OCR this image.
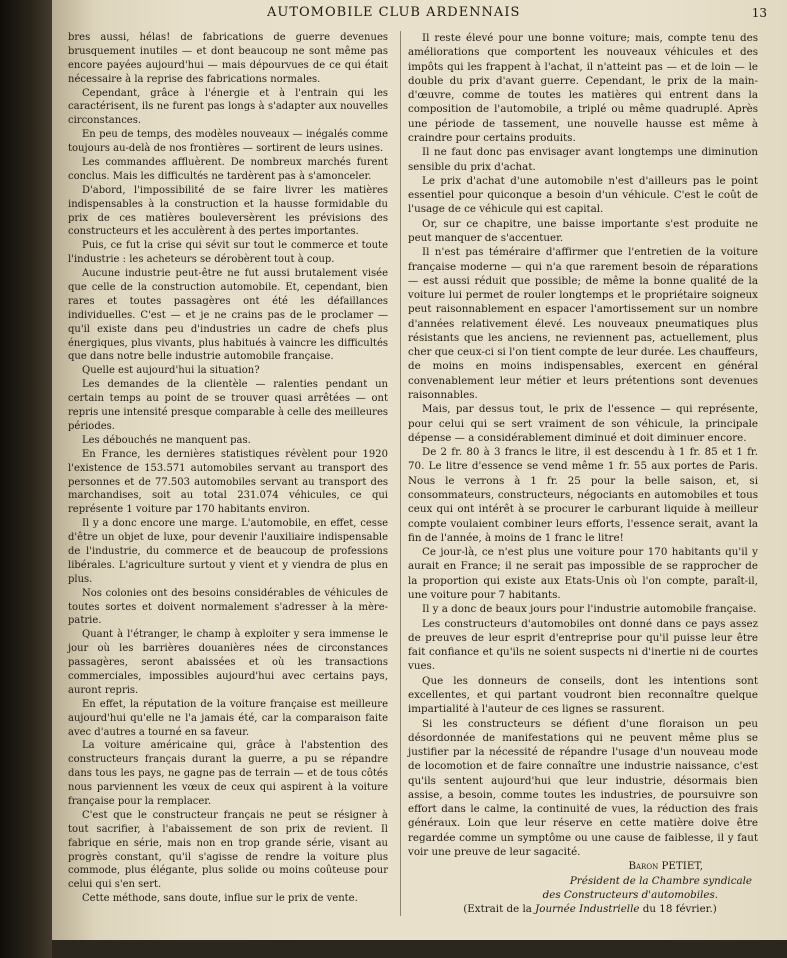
AUTOMOBILE CLUB ARDENNAIS	13

bres aussi, hélas! de fabrications de guerre devenues brusquement inutiles — et dont beaucoup ne sont même pas encore payées aujourd'hui — mais dépourvues de ce qui était nécessaire à la reprise des fabrications normales.

Cependant, grâce à l'énergie et à l'entrain qui les caractérisent, ils ne furent pas longs à s'adapter aux nouvelles circonstances.

En peu de temps, des modèles nouveaux — inégalés comme toujours au-delà de nos frontières — sortirent de leurs usines.

Les commandes affluèrent. De nombreux marchés furent conclus. Mais les difficultés ne tardèrent pas à s'amonceler.

D'abord, l'impossibilité de se faire livrer les matières indispensables à la construction et la hausse formidable du prix de ces matières bouleversèrent les prévisions des constructeurs et les acculèrent à des pertes importantes.

Puis, ce fut la crise qui sévit sur tout le commerce et toute l'industrie : les acheteurs se dérobèrent tout à coup.

Aucune industrie peut-être ne fut aussi brutalement visée que celle de la construction automobile. Et, cependant, bien rares et toutes passagères ont été les défaillances individuelles. C'est — et je ne crains pas de le proclamer — qu'il existe dans peu d'industries un cadre de chefs plus énergiques, plus vivants, plus habitués à vaincre les difficultés que dans notre belle industrie automobile française.

Quelle est aujourd'hui la situation?

Les demandes de la clientèle — ralenties pendant un certain temps au point de se trouver quasi arrêtées — ont repris une intensité presque comparable à celle des meilleures périodes.

Les débouchés ne manquent pas.

En France, les dernières statistiques révèlent pour 1920 l'existence de 153.571 automobiles servant au transport des personnes et de 77.503 automobiles servant au transport des marchandises, soit au total 231.074 véhicules, ce qui représente 1 voiture par 170 habitants environ.

Il y a donc encore une marge. L'automobile, en effet, cesse d'être un objet de luxe, pour devenir l'auxiliaire indispensable de l'industrie, du commerce et de beaucoup de professions libérales. L'agriculture surtout y vient et y viendra de plus en plus.

Nos colonies ont des besoins considérables de véhicules de toutes sortes et doivent normalement s'adresser à la mère-patrie.

Quant à l'étranger, le champ à exploiter y sera immense le jour où les barrières douanières nées de circonstances passagères, seront abaissées et où les transactions commerciales, impossibles aujourd'hui avec certains pays, auront repris.

En effet, la réputation de la voiture française est meilleure aujourd'hui qu'elle ne l'a jamais été, car la comparaison faite avec d'autres a tourné en sa faveur.

La voiture américaine qui, grâce à l'abstention des constructeurs français durant la guerre, a pu se répandre dans tous les pays, ne gagne pas de terrain — et de tous côtés nous parviennent les vœux de ceux qui aspirent à la voiture française pour la remplacer.

C'est que le constructeur français ne peut se résigner à tout sacrifier, à l'abaissement de son prix de revient. Il fabrique en série, mais non en trop grande série, visant au progrès constant, qu'il s'agisse de rendre la voiture plus commode, plus élégante, plus solide ou moins coûteuse pour celui qui s'en sert.

Cette méthode, sans doute, influe sur le prix de vente.

Il reste élevé pour une bonne voiture; mais, compte tenu des améliorations que comportent les nouveaux véhicules et des impôts qui les frappent à l'achat, il n'atteint pas — et de loin — le double du prix d'avant guerre. Cependant, le prix de la main-d'œuvre, comme de toutes les matières qui entrent dans la composition de l'automobile, a triplé ou même quadruplé. Après une période de tassement, une nouvelle hausse est même à craindre pour certains produits.

Il ne faut donc pas envisager avant longtemps une diminution sensible du prix d'achat.

Le prix d'achat d'une automobile n'est d'ailleurs pas le point essentiel pour quiconque a besoin d'un véhicule. C'est le coût de l'usage de ce véhicule qui est capital.

Or, sur ce chapitre, une baisse importante s'est produite ne peut manquer de s'accentuer.

Il n'est pas téméraire d'affirmer que l'entretien de la voiture française moderne — qui n'a que rarement besoin de réparations — est aussi réduit que possible; de même la bonne qualité de la voiture lui permet de rouler longtemps et le propriétaire soigneux peut raisonnablement en espacer l'amortissement sur un nombre d'années relativement élevé. Les nouveaux pneumatiques plus résistants que les anciens, ne reviennent pas, actuellement, plus cher que ceux-ci si l'on tient compte de leur durée. Les chauffeurs, de moins en moins indispensables, exercent en général convenablement leur métier et leurs prétentions sont devenues raisonnables.

Mais, par dessus tout, le prix de l'essence — qui représente, pour celui qui se sert vraiment de son véhicule, la principale dépense — a considérablement diminué et doit diminuer encore.

De 2 fr. 80 à 3 francs le litre, il est descendu à 1 fr. 85 et 1 fr. 70. Le litre d'essence se vend même 1 fr. 55 aux portes de Paris. Nous le verrons à 1 fr. 25 pour la belle saison, et, si consommateurs, constructeurs, négociants en automobiles et tous ceux qui ont intérêt à se procurer le carburant liquide à meilleur compte voulaient combiner leurs efforts, l'essence serait, avant la fin de l'année, à moins de 1 franc le litre!

Ce jour-là, ce n'est plus une voiture pour 170 habitants qu'il y aurait en France; il ne serait pas impossible de se rapprocher de la proportion qui existe aux Etats-Unis où l'on compte, paraît-il, une voiture pour 7 habitants.

Il y a donc de beaux jours pour l'industrie automobile française.

Les constructeurs d'automobiles ont donné dans ce pays assez de preuves de leur esprit d'entreprise pour qu'il puisse leur être fait confiance et qu'ils ne soient suspects ni d'inertie ni de courtes vues.

Que les donneurs de conseils, dont les intentions sont excellentes, et qui partant voudront bien reconnaître quelque impartialité à l'auteur de ces lignes se rassurent.

Si les constructeurs se défient d'une floraison un peu désordonnée de manifestations qui ne peuvent même plus se justifier par la nécessité de répandre l'usage d'un nouveau mode de locomotion et de faire connaître une industrie naissance, c'est qu'ils sentent aujourd'hui que leur industrie, désormais bien assise, a besoin, comme toutes les industries, de poursuivre son effort dans le calme, la continuité de vues, la réduction des frais généraux. Loin que leur réserve en cette matière doive être regardée comme un symptôme ou une cause de faiblesse, il y faut voir une preuve de leur sagacité.

Baron PETIET,

Président de la Chambre syndicale

des Constructeurs d'automobiles.

(Extrait de la Journée Industrielle du 18 février.)
